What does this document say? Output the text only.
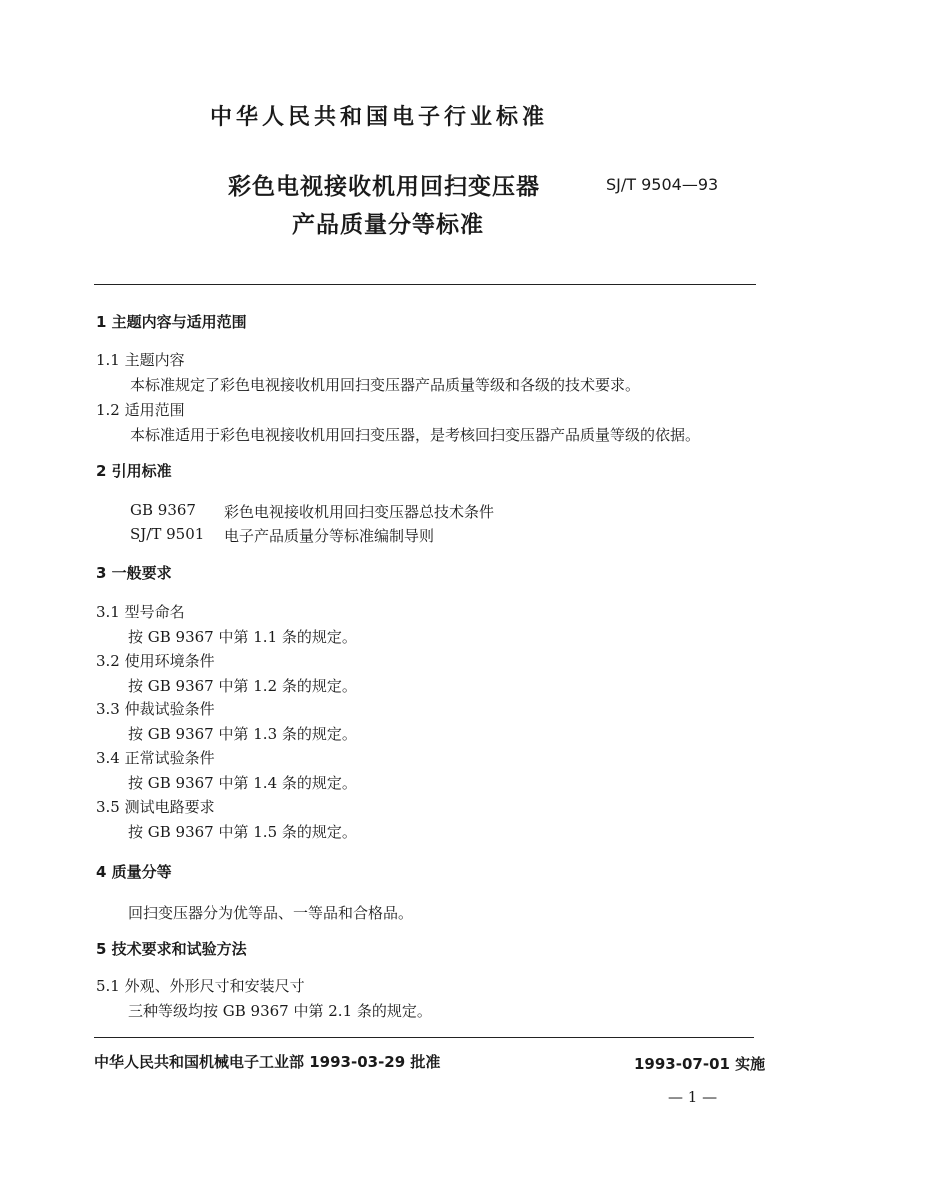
中华人民共和国电子行业标准
彩色电视接收机用回扫变压器
产品质量分等标准
SJ/T 9504—93
1 主题内容与适用范围
1.1 主题内容
本标准规定了彩色电视接收机用回扫变压器产品质量等级和各级的技术要求。
1.2 适用范围
本标准适用于彩色电视接收机用回扫变压器，是考核回扫变压器产品质量等级的依据。
2 引用标准
GB 9367 彩色电视接收机用回扫变压器总技术条件
SJ/T 9501 电子产品质量分等标准编制导则
3 一般要求
3.1 型号命名
按 GB 9367 中第 1.1 条的规定。
3.2 使用环境条件
按 GB 9367 中第 1.2 条的规定。
3.3 仲裁试验条件
按 GB 9367 中第 1.3 条的规定。
3.4 正常试验条件
按 GB 9367 中第 1.4 条的规定。
3.5 测试电路要求
按 GB 9367 中第 1.5 条的规定。
4 质量分等
回扫变压器分为优等品、一等品和合格品。
5 技术要求和试验方法
5.1 外观、外形尺寸和安装尺寸
三种等级均按 GB 9367 中第 2.1 条的规定。
中华人民共和国机械电子工业部 1993-03-29 批准	1993-07-01 实施
— 1 —
